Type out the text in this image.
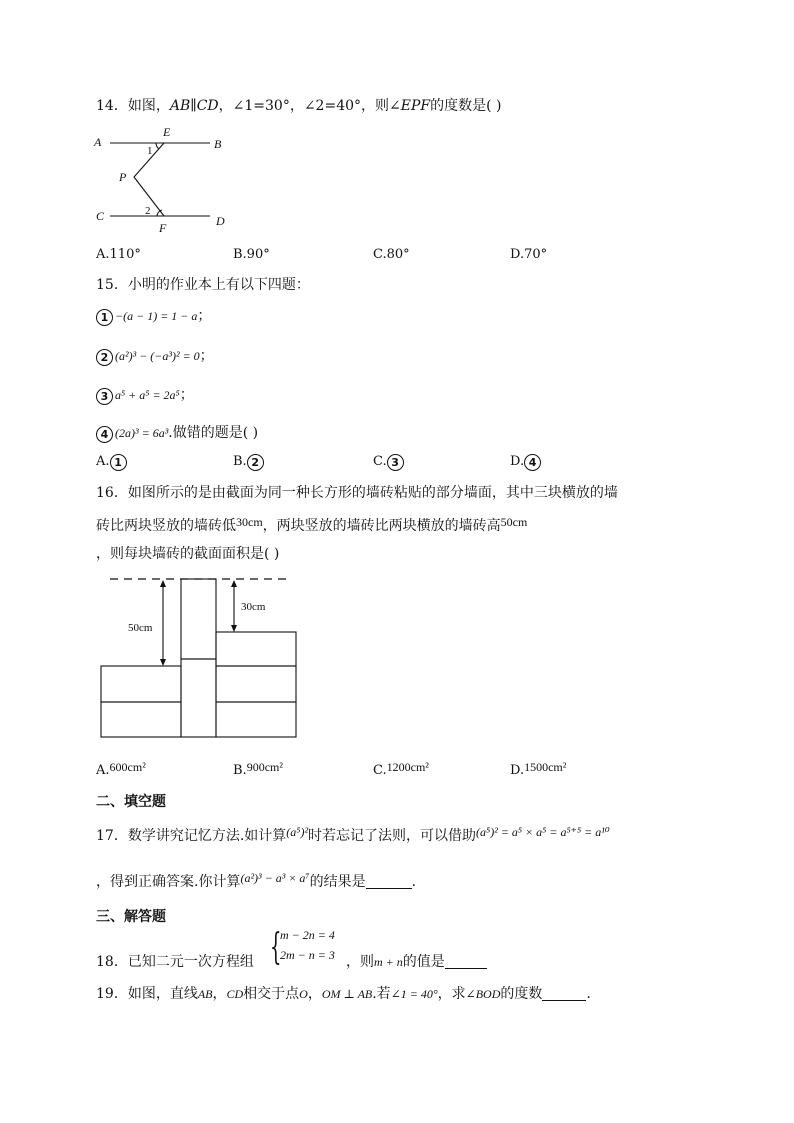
14．如图，AB∥CD，∠1=30°，∠2=40°，则∠EPF的度数是( )
A
E
B
P
C	D
F
1
2
A.110°	B.90°	C.80°	D.70°
15．小明的作业本上有以下四题：
1 −(a − 1) = 1 − a；
2 (a²)³ − (−a³)² = 0；
3 a⁵ + a⁵ = 2a⁵；
4 (2a)³ = 6a³.做错的题是( )
A. 1	B. 2	C. 3	D. 4
16．如图所示的是由截面为同一种长方形的墙砖粘贴的部分墙面，其中三块横放的墙
砖比两块竖放的墙砖低30cm，两块竖放的墙砖比两块横放的墙砖高50cm
，则每块墙砖的截面面积是( )
50cm
30cm
A.600cm²	B.900cm²	C.1200cm²	D.1500cm²
二、填空题
17．数学讲究记忆方法.如计算(a⁵)²时若忘记了法则，可以借助(a⁵)² = a⁵ × a⁵ = a⁵⁺⁵ = a¹⁰
，得到正确答案.你计算(a²)³ − a³ × a⁷的结果是	.
三、解答题
18．已知二元一次方程组 {
m − 2n = 4
2m − n = 3 ，则m + n的值是
19．如图，直线AB，CD相交于点O，OM ⊥ AB.若∠1 = 40°，求∠BOD的度数	.
